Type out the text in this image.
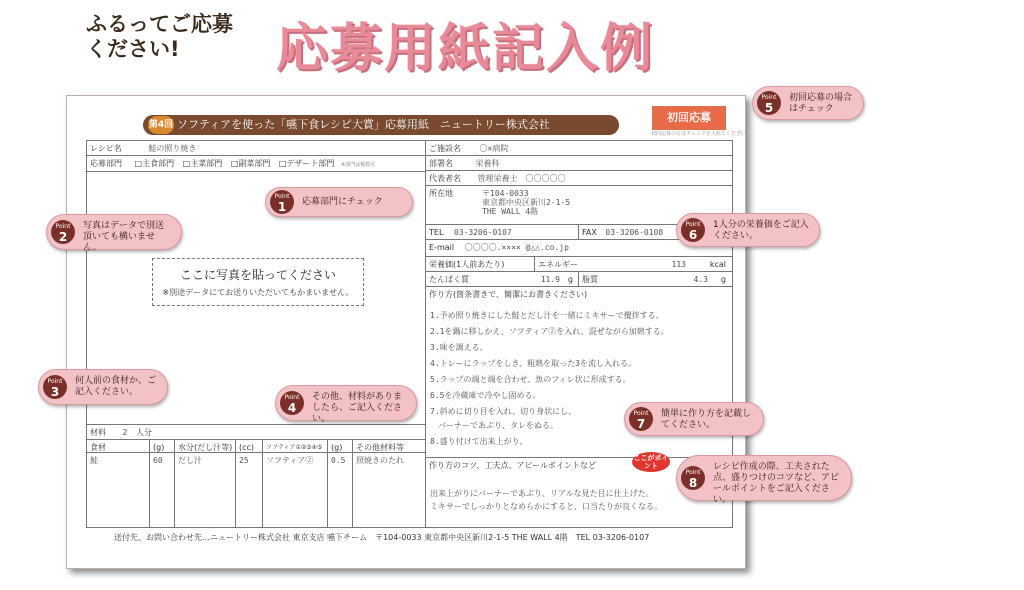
ふるってご応募
ください!	応募用紙記入例
ソフティアを使った「嚥下食レシピ大賞」応募用紙　ニュートリー株式会社
第4回
初回応募
初回応募の方はチェックを入れてください
レシピ名	鮭の照り焼き
応募部門 □主食部門 □主菜部門 □副菜部門 □デザート部門 ※部門は複数可
ここに写真を貼ってください
※別途データにてお送りいただいてもかまいません。
材料 2 人分
食材	(g)	水分(だし汁等) (cc)	ソフティア①②③④⑤	(g)	その他材料等
鮭	60	だし汁	25	ソフティア②	0.5	照焼きのたれ
ご施設名 〇×病院
部署名	栄養科
代表者名 管理栄養士　〇〇〇〇〇
所在地	〒104-0033
東京都中央区新川2-1-5
THE WALL 4階
TEL 03-3206-0107	FAX 03-3206-0108
E-mail 〇〇〇〇.×××× @△△.co.jp
栄養価(1人前あたり)	エネルギー	113	kcal
たんぱく質	11.9 g	脂質	4.3 g
作り方(箇条書きで、簡潔にお書きください)
1.予め照り焼きにした鮭とだし汁を一緒にミキサーで攪拌する。
2.1を鍋に移しかえ、ソフティア②を入れ、混ぜながら加熱する。
3.味を調える。
4.トレーにラップをしき、粗熱を取った3を流し入れる。
5.ラップの端と端を合わせ、魚のフィレ状に形成する。
6.5を冷蔵庫で冷やし固める。
7.斜めに切り目を入れ、切り身状にし、
　バーナーであぶり、タレをぬる。
8.盛り付けて出来上がり。
作り方のコツ、工夫点、アピールポイントなど
出来上がりにバーナーであぶり、リアルな見た目に仕上げた。
ミキサーでしっかりとなめらかにすると、口当たりが良くなる。
ここがポイント
送付先、お問い合わせ先…ニュートリー株式会社 東京支店 嚥下チーム　〒104-0033 東京都中央区新川2-1-5 THE WALL 4階　TEL 03-3206-0107
Point
1	応募部門にチェック
Point
2
写真はデータで別送頂いても構いません。
Point
3
何人前の食材か、ご記入ください。
Point
4
その他、材料がありましたら、ご記入ください。
Point
5
初回応募の場合はチェック
Point
6
1人分の栄養価をご記入ください。
Point
7
簡単に作り方を記載してください。
Point
8
レシピ作成の際、工夫された点、盛りつけのコツなど、アピールポイントをご記入ください。
